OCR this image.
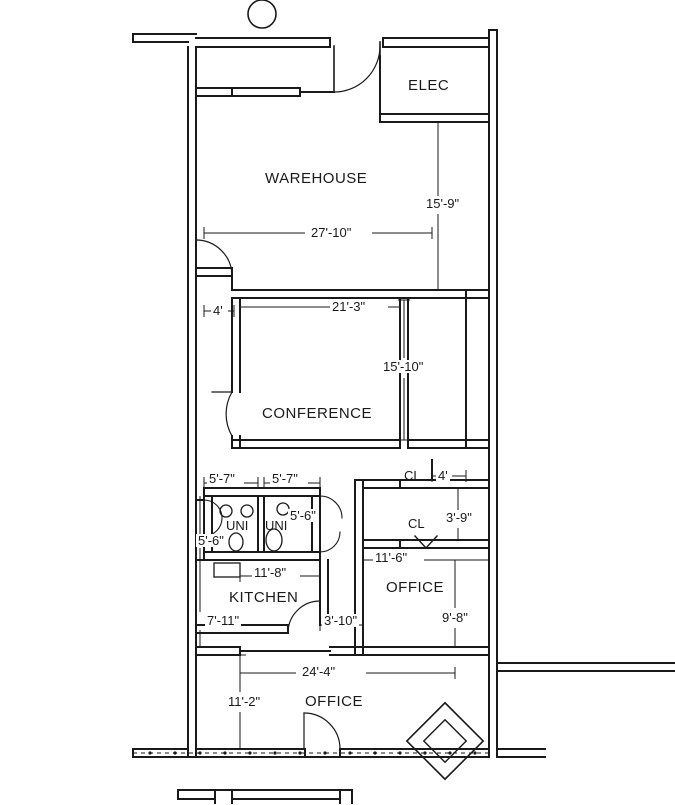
ELEC
WAREHOUSE
CONFERENCE
CL
CL
UNI UNI
KITCHEN
OFFICE
OFFICE
27'-10"
15'-9"
21'-3"
4'
15'-10"
4'
5'-7"	5'-7"
5'-6"
5'-6"
3'-9"
11'-6"
11'-8"
7'-11"	3'-10"	9'-8"
24'-4"
11'-2"
